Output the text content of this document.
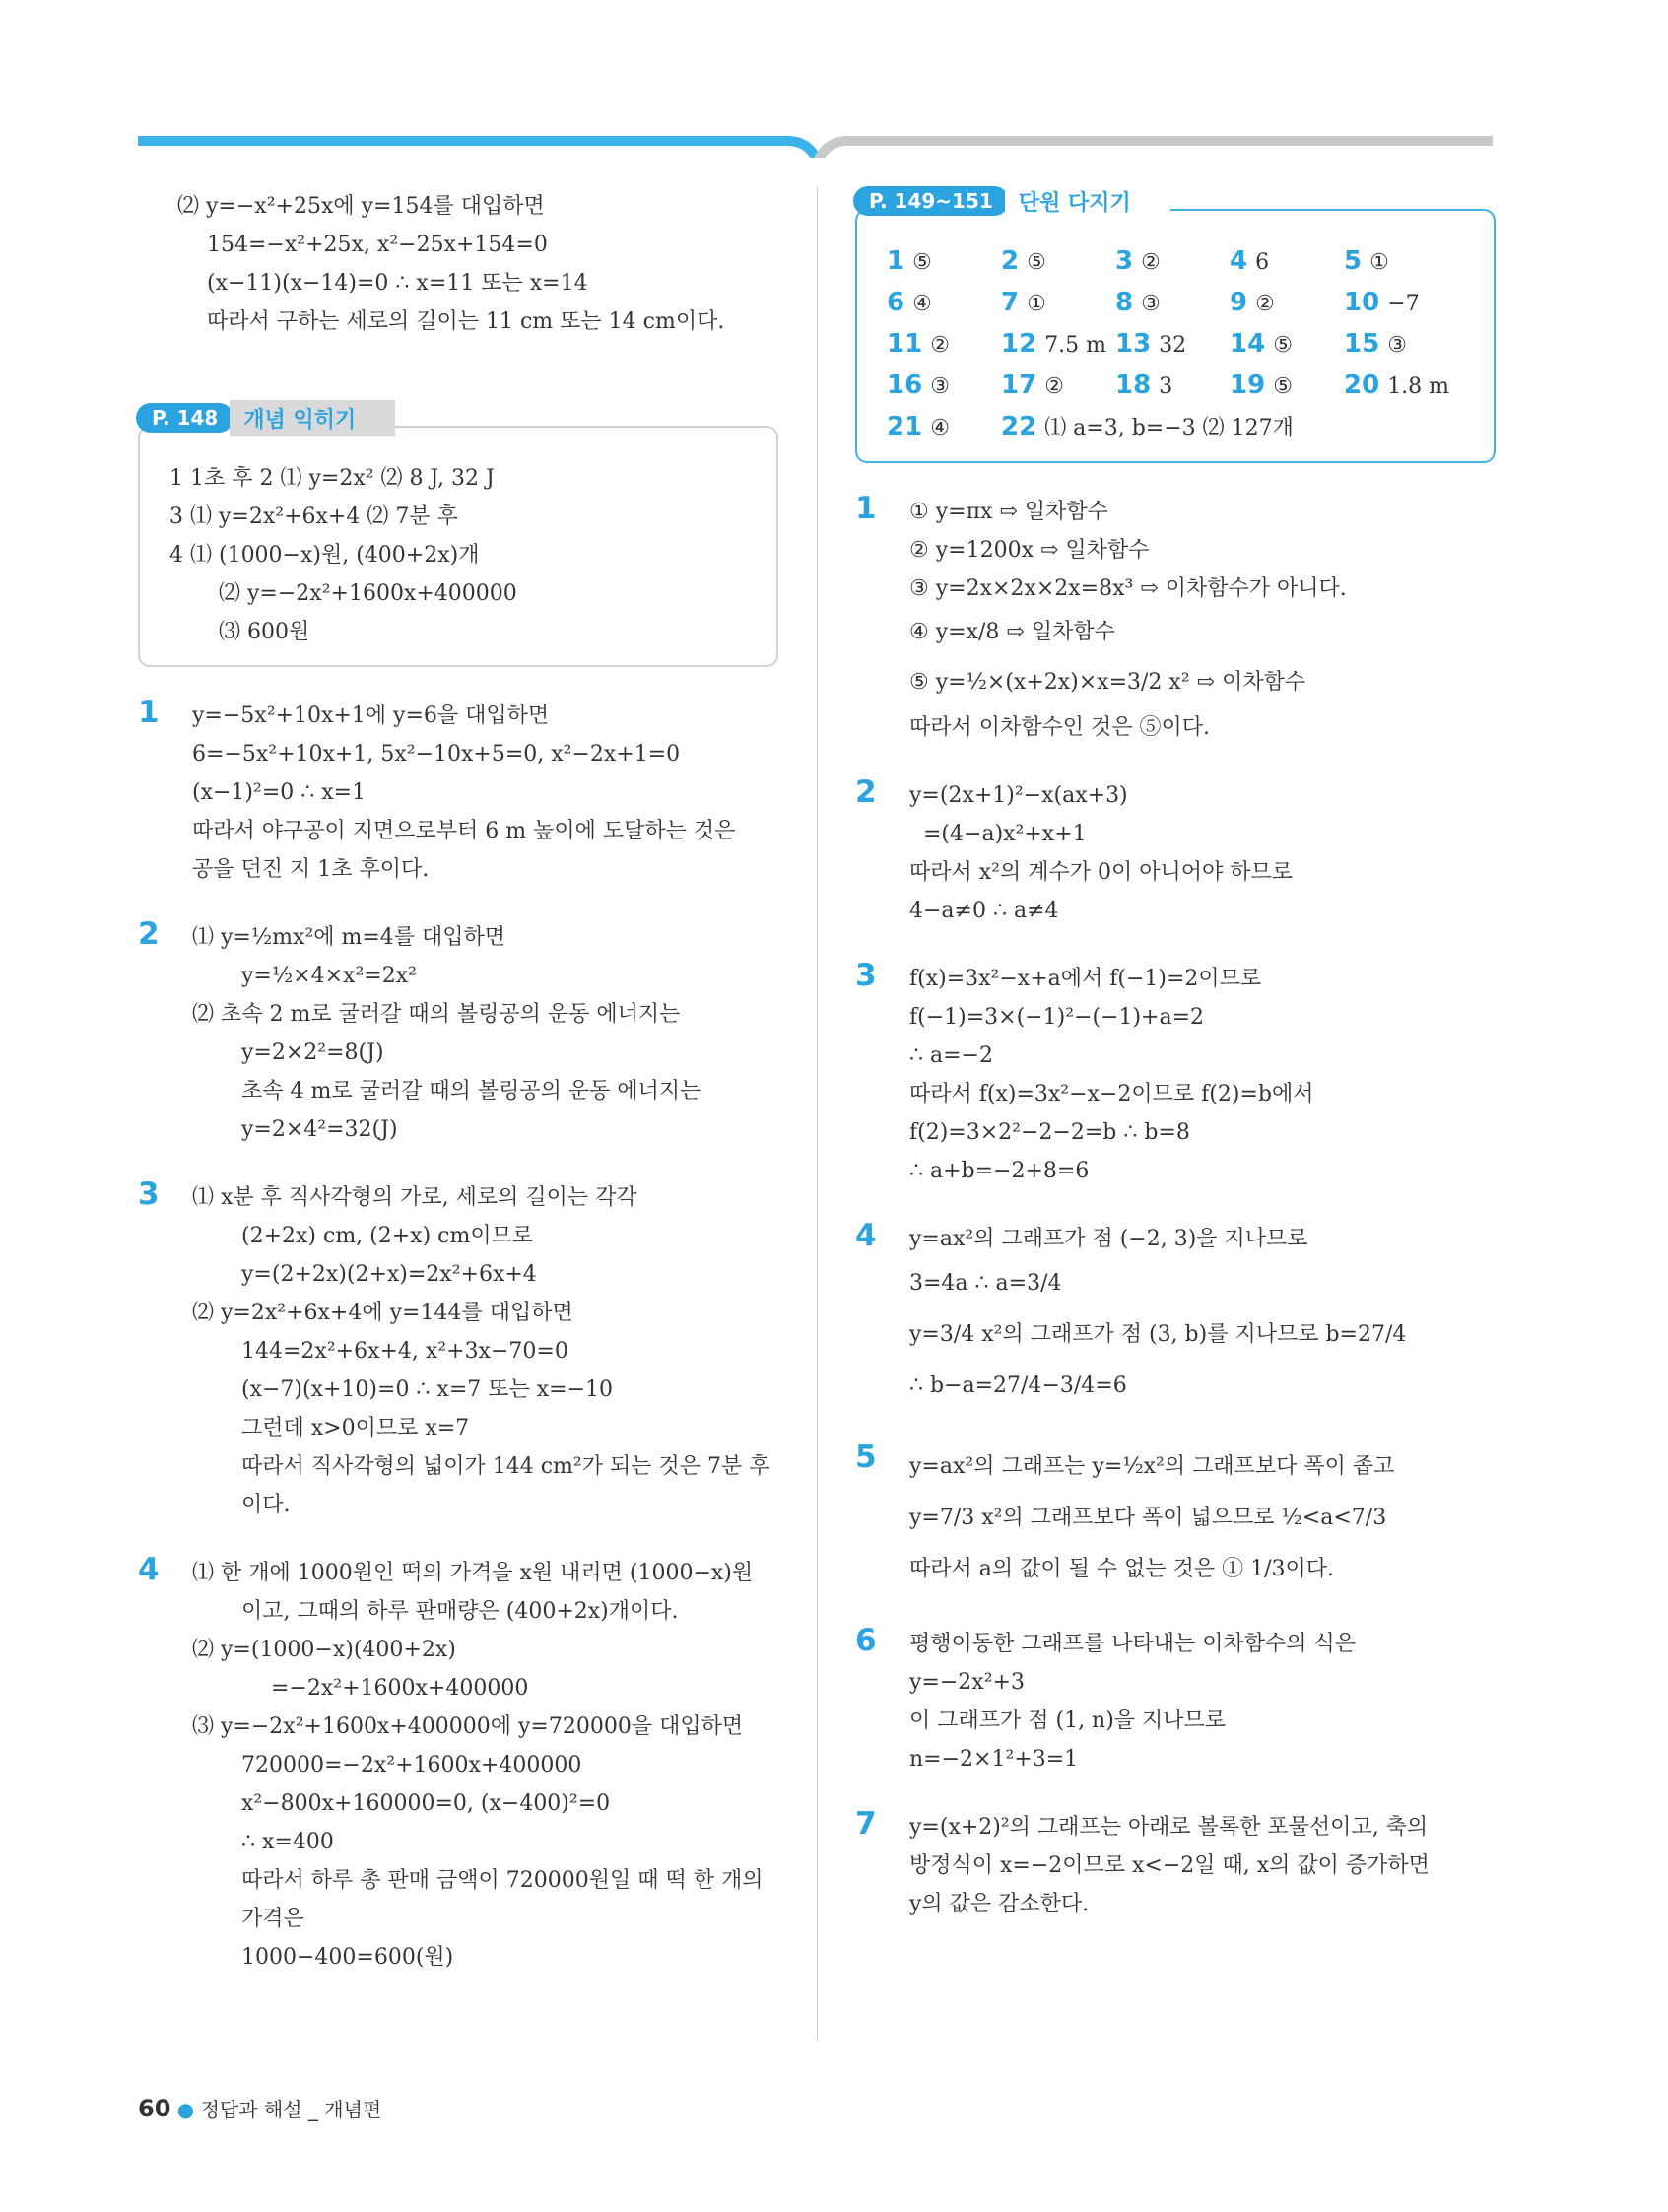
⑵ y=−x²+25x에 y=154를 대입하면
154=−x²+25x, x²−25x+154=0
(x−11)(x−14)=0 ∴ x=11 또는 x=14
따라서 구하는 세로의 길이는 11 cm 또는 14 cm이다.
P. 148	개념 익히기
1 1초 후 2 ⑴ y=2x² ⑵ 8 J, 32 J
3 ⑴ y=2x²+6x+4 ⑵ 7분 후
4 ⑴ (1000−x)원, (400+2x)개
⑵ y=−2x²+1600x+400000
⑶ 600원
1 y=−5x²+10x+1에 y=6을 대입하면
6=−5x²+10x+1, 5x²−10x+5=0, x²−2x+1=0
(x−1)²=0 ∴ x=1
따라서 야구공이 지면으로부터 6 m 높이에 도달하는 것은
공을 던진 지 1초 후이다.
2 ⑴ y=½mx²에 m=4를 대입하면
y=½×4×x²=2x²
⑵ 초속 2 m로 굴러갈 때의 볼링공의 운동 에너지는
y=2×2²=8(J)
초속 4 m로 굴러갈 때의 볼링공의 운동 에너지는
y=2×4²=32(J)
3 ⑴ x분 후 직사각형의 가로, 세로의 길이는 각각
(2+2x) cm, (2+x) cm이므로
y=(2+2x)(2+x)=2x²+6x+4
⑵ y=2x²+6x+4에 y=144를 대입하면
144=2x²+6x+4, x²+3x−70=0
(x−7)(x+10)=0 ∴ x=7 또는 x=−10
그런데 x>0이므로 x=7
따라서 직사각형의 넓이가 144 cm²가 되는 것은 7분 후
이다.
4 ⑴ 한 개에 1000원인 떡의 가격을 x원 내리면 (1000−x)원
이고, 그때의 하루 판매량은 (400+2x)개이다.
⑵ y=(1000−x)(400+2x)
=−2x²+1600x+400000
⑶ y=−2x²+1600x+400000에 y=720000을 대입하면
720000=−2x²+1600x+400000
x²−800x+160000=0, (x−400)²=0
∴ x=400
따라서 하루 총 판매 금액이 720000원일 때 떡 한 개의
가격은
1000−400=600(원)
P. 149~151	단원 다지기
1 ⑤	2 ⑤	3 ②	4 6	5 ①
6 ④	7 ①	8 ③	9 ②	10 −7
11 ②	12 7.5 m 13 32	14 ⑤	15 ③
16 ③	17 ②	18 3	19 ⑤	20 1.8 m
21 ④	22 ⑴ a=3, b=−3 ⑵ 127개
1 ① y=πx ⇨ 일차함수
② y=1200x ⇨ 일차함수
③ y=2x×2x×2x=8x³ ⇨ 이차함수가 아니다.
④ y=x/8 ⇨ 일차함수
⑤ y=½×(x+2x)×x=3/2 x² ⇨ 이차함수
따라서 이차함수인 것은 ⑤이다.
2 y=(2x+1)²−x(ax+3)
=(4−a)x²+x+1
따라서 x²의 계수가 0이 아니어야 하므로
4−a≠0 ∴ a≠4
3 f(x)=3x²−x+a에서 f(−1)=2이므로
f(−1)=3×(−1)²−(−1)+a=2
∴ a=−2
따라서 f(x)=3x²−x−2이므로 f(2)=b에서
f(2)=3×2²−2−2=b ∴ b=8
∴ a+b=−2+8=6
4 y=ax²의 그래프가 점 (−2, 3)을 지나므로
3=4a ∴ a=3/4
y=3/4 x²의 그래프가 점 (3, b)를 지나므로 b=27/4
∴ b−a=27/4−3/4=6
5 y=ax²의 그래프는 y=½x²의 그래프보다 폭이 좁고
y=7/3 x²의 그래프보다 폭이 넓으므로 ½<a<7/3
따라서 a의 값이 될 수 없는 것은 ① 1/3이다.
6 평행이동한 그래프를 나타내는 이차함수의 식은
y=−2x²+3
이 그래프가 점 (1, n)을 지나므로
n=−2×1²+3=1
7 y=(x+2)²의 그래프는 아래로 볼록한 포물선이고, 축의
방정식이 x=−2이므로 x<−2일 때, x의 값이 증가하면
y의 값은 감소한다.
60 ● 정답과 해설 _ 개념편
